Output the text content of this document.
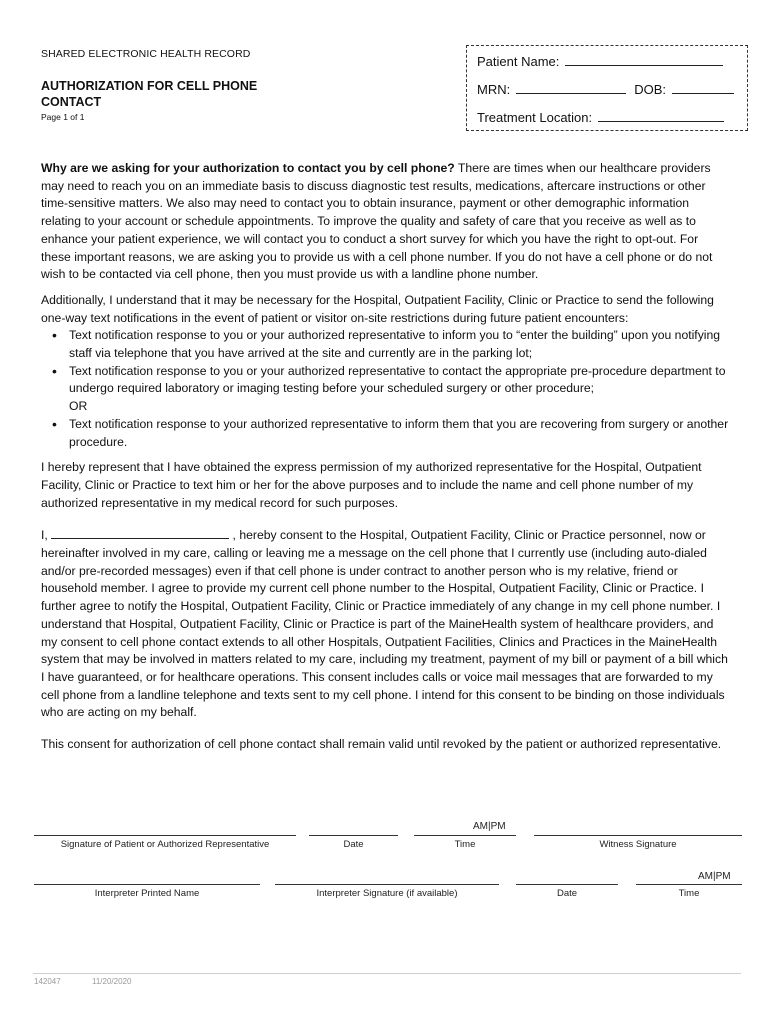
SHARED ELECTRONIC HEALTH RECORD
AUTHORIZATION FOR CELL PHONE CONTACT
Page 1 of 1
Patient Name:
MRN:	DOB:
Treatment Location:

Why are we asking for your authorization to contact you by cell phone? There are times when our healthcare providers may need to reach you on an immediate basis to discuss diagnostic test results, medications, aftercare instructions or other time-sensitive matters. We also may need to contact you to obtain insurance, payment or other demographic information relating to your account or schedule appointments. To improve the quality and safety of care that you receive as well as to enhance your patient experience, we will contact you to conduct a short survey for which you have the right to opt-out. For these important reasons, we are asking you to provide us with a cell phone number. If you do not have a cell phone or do not wish to be contacted via cell phone, then you must provide us with a landline phone number.

Additionally, I understand that it may be necessary for the Hospital, Outpatient Facility, Clinic or Practice to send the following one-way text notifications in the event of patient or visitor on-site restrictions during future patient encounters:

• Text notification response to you or your authorized representative to inform you to “enter the building” upon you notifying staff via telephone that you have arrived at the site and currently are in the parking lot;
• Text notification response to you or your authorized representative to contact the appropriate pre-procedure department to undergo required laboratory or imaging testing before your scheduled surgery or other procedure;
OR
• Text notification response to your authorized representative to inform them that you are recovering from surgery or another procedure.

I hereby represent that I have obtained the express permission of my authorized representative for the Hospital, Outpatient Facility, Clinic or Practice to text him or her for the above purposes and to include the name and cell phone number of my authorized representative in my medical record for such purposes.

I,	, hereby consent to the Hospital, Outpatient Facility, Clinic or Practice personnel, now or hereinafter involved in my care, calling or leaving me a message on the cell phone that I currently use (including auto-dialed and/or pre-recorded messages) even if that cell phone is under contract to another person who is my relative, friend or household member. I agree to provide my current cell phone number to the Hospital, Outpatient Facility, Clinic or Practice. I further agree to notify the Hospital, Outpatient Facility, Clinic or Practice immediately of any change in my cell phone number. I understand that Hospital, Outpatient Facility, Clinic or Practice is part of the MaineHealth system of healthcare providers, and my consent to cell phone contact extends to all other Hospitals, Outpatient Facilities, Clinics and Practices in the MaineHealth system that may be involved in matters related to my care, including my treatment, payment of my bill or payment of a bill which I have guaranteed, or for healthcare operations. This consent includes calls or voice mail messages that are forwarded to my cell phone from a landline telephone and texts sent to my cell phone. I intend for this consent to be binding on those individuals who are acting on my behalf.

This consent for authorization of cell phone contact shall remain valid until revoked by the patient or authorized representative.

AM|PM
Signature of Patient or Authorized Representative	Date	Time	Witness Signature
AM|PM
Interpreter Printed Name	Interpreter Signature (if available)	Date	Time
142047	11/20/2020
